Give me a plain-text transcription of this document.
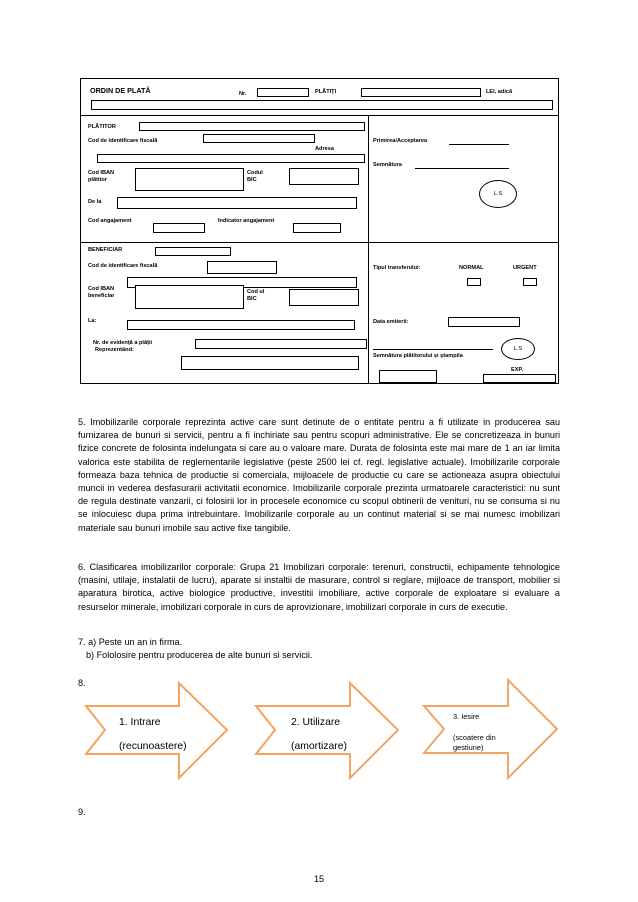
ORDIN DE PLATĂ	Nr.	PLĂTIȚI	LEI, adică
PLĂTITOR
Cod de identificare fiscală
Adresa
Cod IBAN
plătitor
Codul
BIC
De la
Cod angajament	Indicator angajament
Primirea/Acceptarea
Semnătura
L.S
BENEFICIAR
Cod de identificare fiscală
Cod IBAN
beneficiar
Cod ul
BIC
La:
Nr. de evidență a plății
Reprezentând:
Tipul transferului:	NORMAL	URGENT
Data emiterii:
L.S
Semnătura plătitorului și ștampila
EXP.

5. Imobilizarile corporale reprezinta active care sunt detinute de o entitate pentru a fi utilizate in producerea sau furnizarea de bunuri si servicii, pentru a fi inchiriate sau pentru scopuri administrative. Ele se concretizeaza in bunuri fizice concrete de folosinta indelungata si care au o valoare mare. Durata de folosinta este mai mare de 1 an iar limita valorica este stabilita de reglementarile legislative (peste 2500 lei cf. regl. legislative actuale). Imobilizarile corporale formeaza baza tehnica de productie si comerciala, mijloacele de productie cu care se actioneaza asupra obiectului muncii in vederea desfasurarii activitatii economice. Imobilizarile corporale prezinta urmatoarele caracteristici: nu sunt de regula destinate vanzarii, ci folosirii lor in procesele economice cu scopul obtinerii de venituri, nu se consuma si nu se inlocuiesc dupa prima intrebuintare. Imobilizarile corporale au un continut material si se mai numesc imobilizari materiale sau bunuri imobile sau active fixe tangibile.

6. Clasificarea imobilizarilor corporale: Grupa 21 Imobilizari corporale: terenuri, constructii, echipamente tehnologice (masini, utilaje, instalatii de lucru), aparate si instaltii de masurare, control si reglare, mijloace de transport, mobilier si aparatura birotica, active biologice productive, investitii imobiliare, active corporale de exploatare si evaluare a resurselor minerale, imobilizari corporale in curs de aprovizionare, imobilizari corporale in curs de executie.

7. a) Peste un an in firma.
b) Fololosire pentru producerea de alte bunuri si servicii.
8.
1. Intrare
(recunoastere)
2. Utilizare
(amortizare)
3. Iesire
(scoatere din gestiune)
9.
15
